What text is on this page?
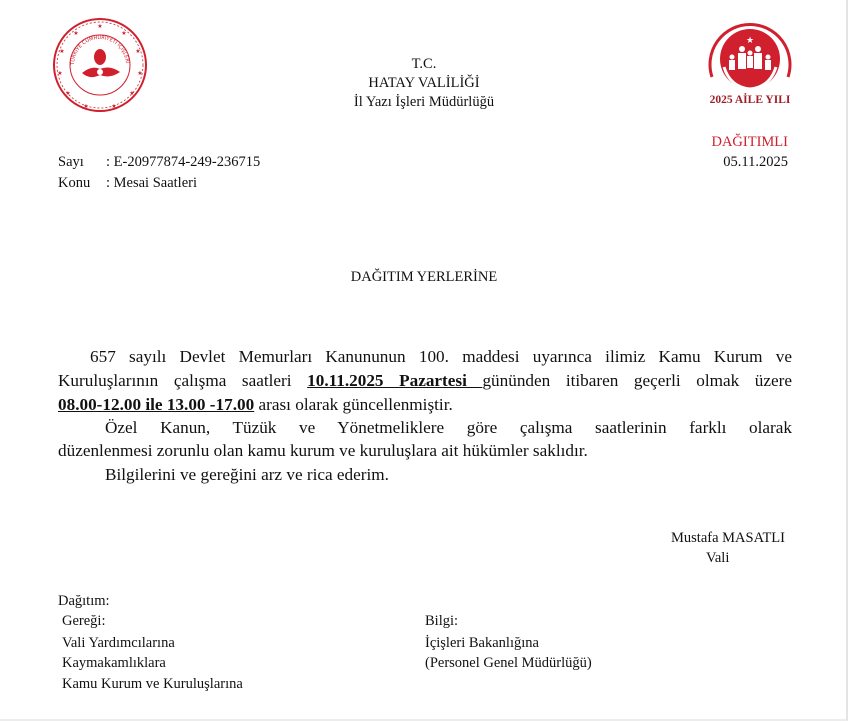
★
★	★
★	★
★	★
★	★
★	★
TÜRKİYE CUMHURİYETİ İÇİŞLERİ
★
2025 AİLE YILI
T.C.
HATAY VALİLİĞİ
İl Yazı İşleri Müdürlüğü
DAĞITIMLI
05.11.2025
Sayı : E-20977874-249-236715
Konu : Mesai Saatleri
DAĞITIM YERLERİNE
657 sayılı Devlet Memurları Kanununun 100. maddesi uyarınca ilimiz Kamu Kurum ve
Kuruluşlarının çalışma saatleri 10.11.2025 Pazartesi gününden itibaren geçerli olmak üzere
08.00-12.00 ile 13.00 -17.00 arası olarak güncellenmiştir.
Özel Kanun, Tüzük ve Yönetmeliklere göre çalışma saatlerinin farklı olarak
düzenlenmesi zorunlu olan kamu kurum ve kuruluşlara ait hükümler saklıdır.
Bilgilerini ve gereğini arz ve rica ederim.
Mustafa MASATLI
Vali
Dağıtım:
Gereği:
Vali Yardımcılarına
Kaymakamlıklara
Kamu Kurum ve Kuruluşlarına
Bilgi:
İçişleri Bakanlığına
(Personel Genel Müdürlüğü)
